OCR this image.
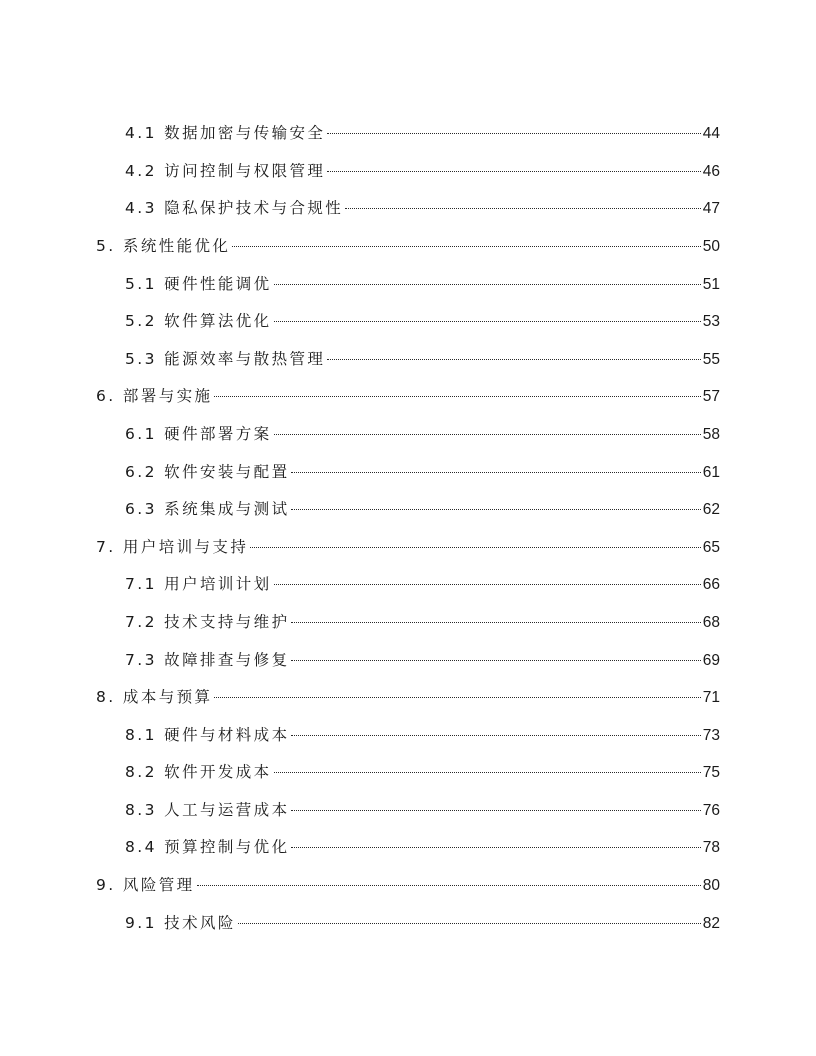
4.1 数据加密与传输安全	44
4.2 访问控制与权限管理	46
4.3 隐私保护技术与合规性	47
5. 系统性能优化	50
5.1 硬件性能调优	51
5.2 软件算法优化	53
5.3 能源效率与散热管理	55
6. 部署与实施	57
6.1 硬件部署方案	58
6.2 软件安装与配置	61
6.3 系统集成与测试	62
7. 用户培训与支持	65
7.1 用户培训计划	66
7.2 技术支持与维护	68
7.3 故障排查与修复	69
8. 成本与预算	71
8.1 硬件与材料成本	73
8.2 软件开发成本	75
8.3 人工与运营成本	76
8.4 预算控制与优化	78
9. 风险管理	80
9.1 技术风险	82
